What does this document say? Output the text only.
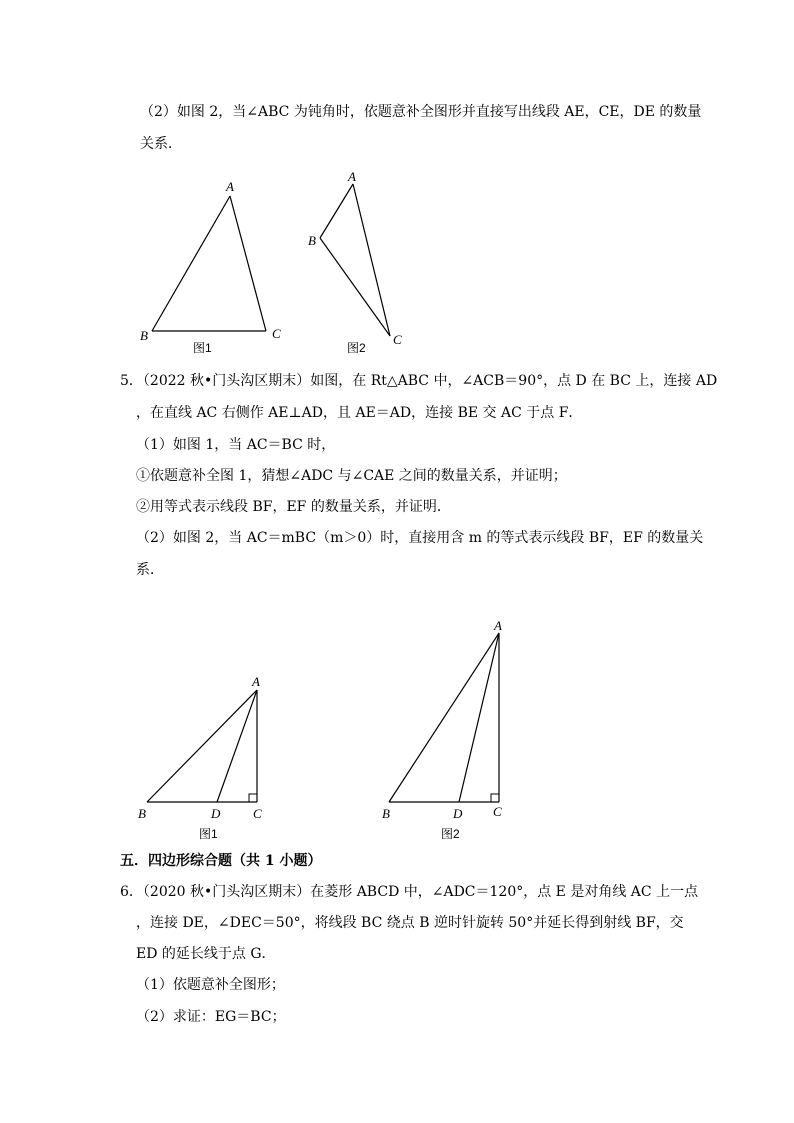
（2）如图 2，当∠ABC 为钝角时，依题意补全图形并直接写出线段 AE，CE，DE 的数量
关系．
A
B	C
图1
A
B
C
图2
A
B	D	C
图1
A
B	D C
图2
5．（2022 秋•门头沟区期末）如图，在 Rt△ABC 中，∠ACB＝90°，点 D 在 BC 上，连接 AD
，在直线 AC 右侧作 AE⊥AD，且 AE＝AD，连接 BE 交 AC 于点 F．
（1）如图 1，当 AC＝BC 时，
①依题意补全图 1，猜想∠ADC 与∠CAE 之间的数量关系，并证明；
②用等式表示线段 BF，EF 的数量关系，并证明．
（2）如图 2，当 AC＝mBC（m＞0）时，直接用含 m 的等式表示线段 BF，EF 的数量关
系．
五．四边形综合题（共 1 小题）
6．（2020 秋•门头沟区期末）在菱形 ABCD 中，∠ADC＝120°，点 E 是对角线 AC 上一点
，连接 DE，∠DEC＝50°，将线段 BC 绕点 B 逆时针旋转 50°并延长得到射线 BF，交
ED 的延长线于点 G．
（1）依题意补全图形；
（2）求证：EG＝BC；
